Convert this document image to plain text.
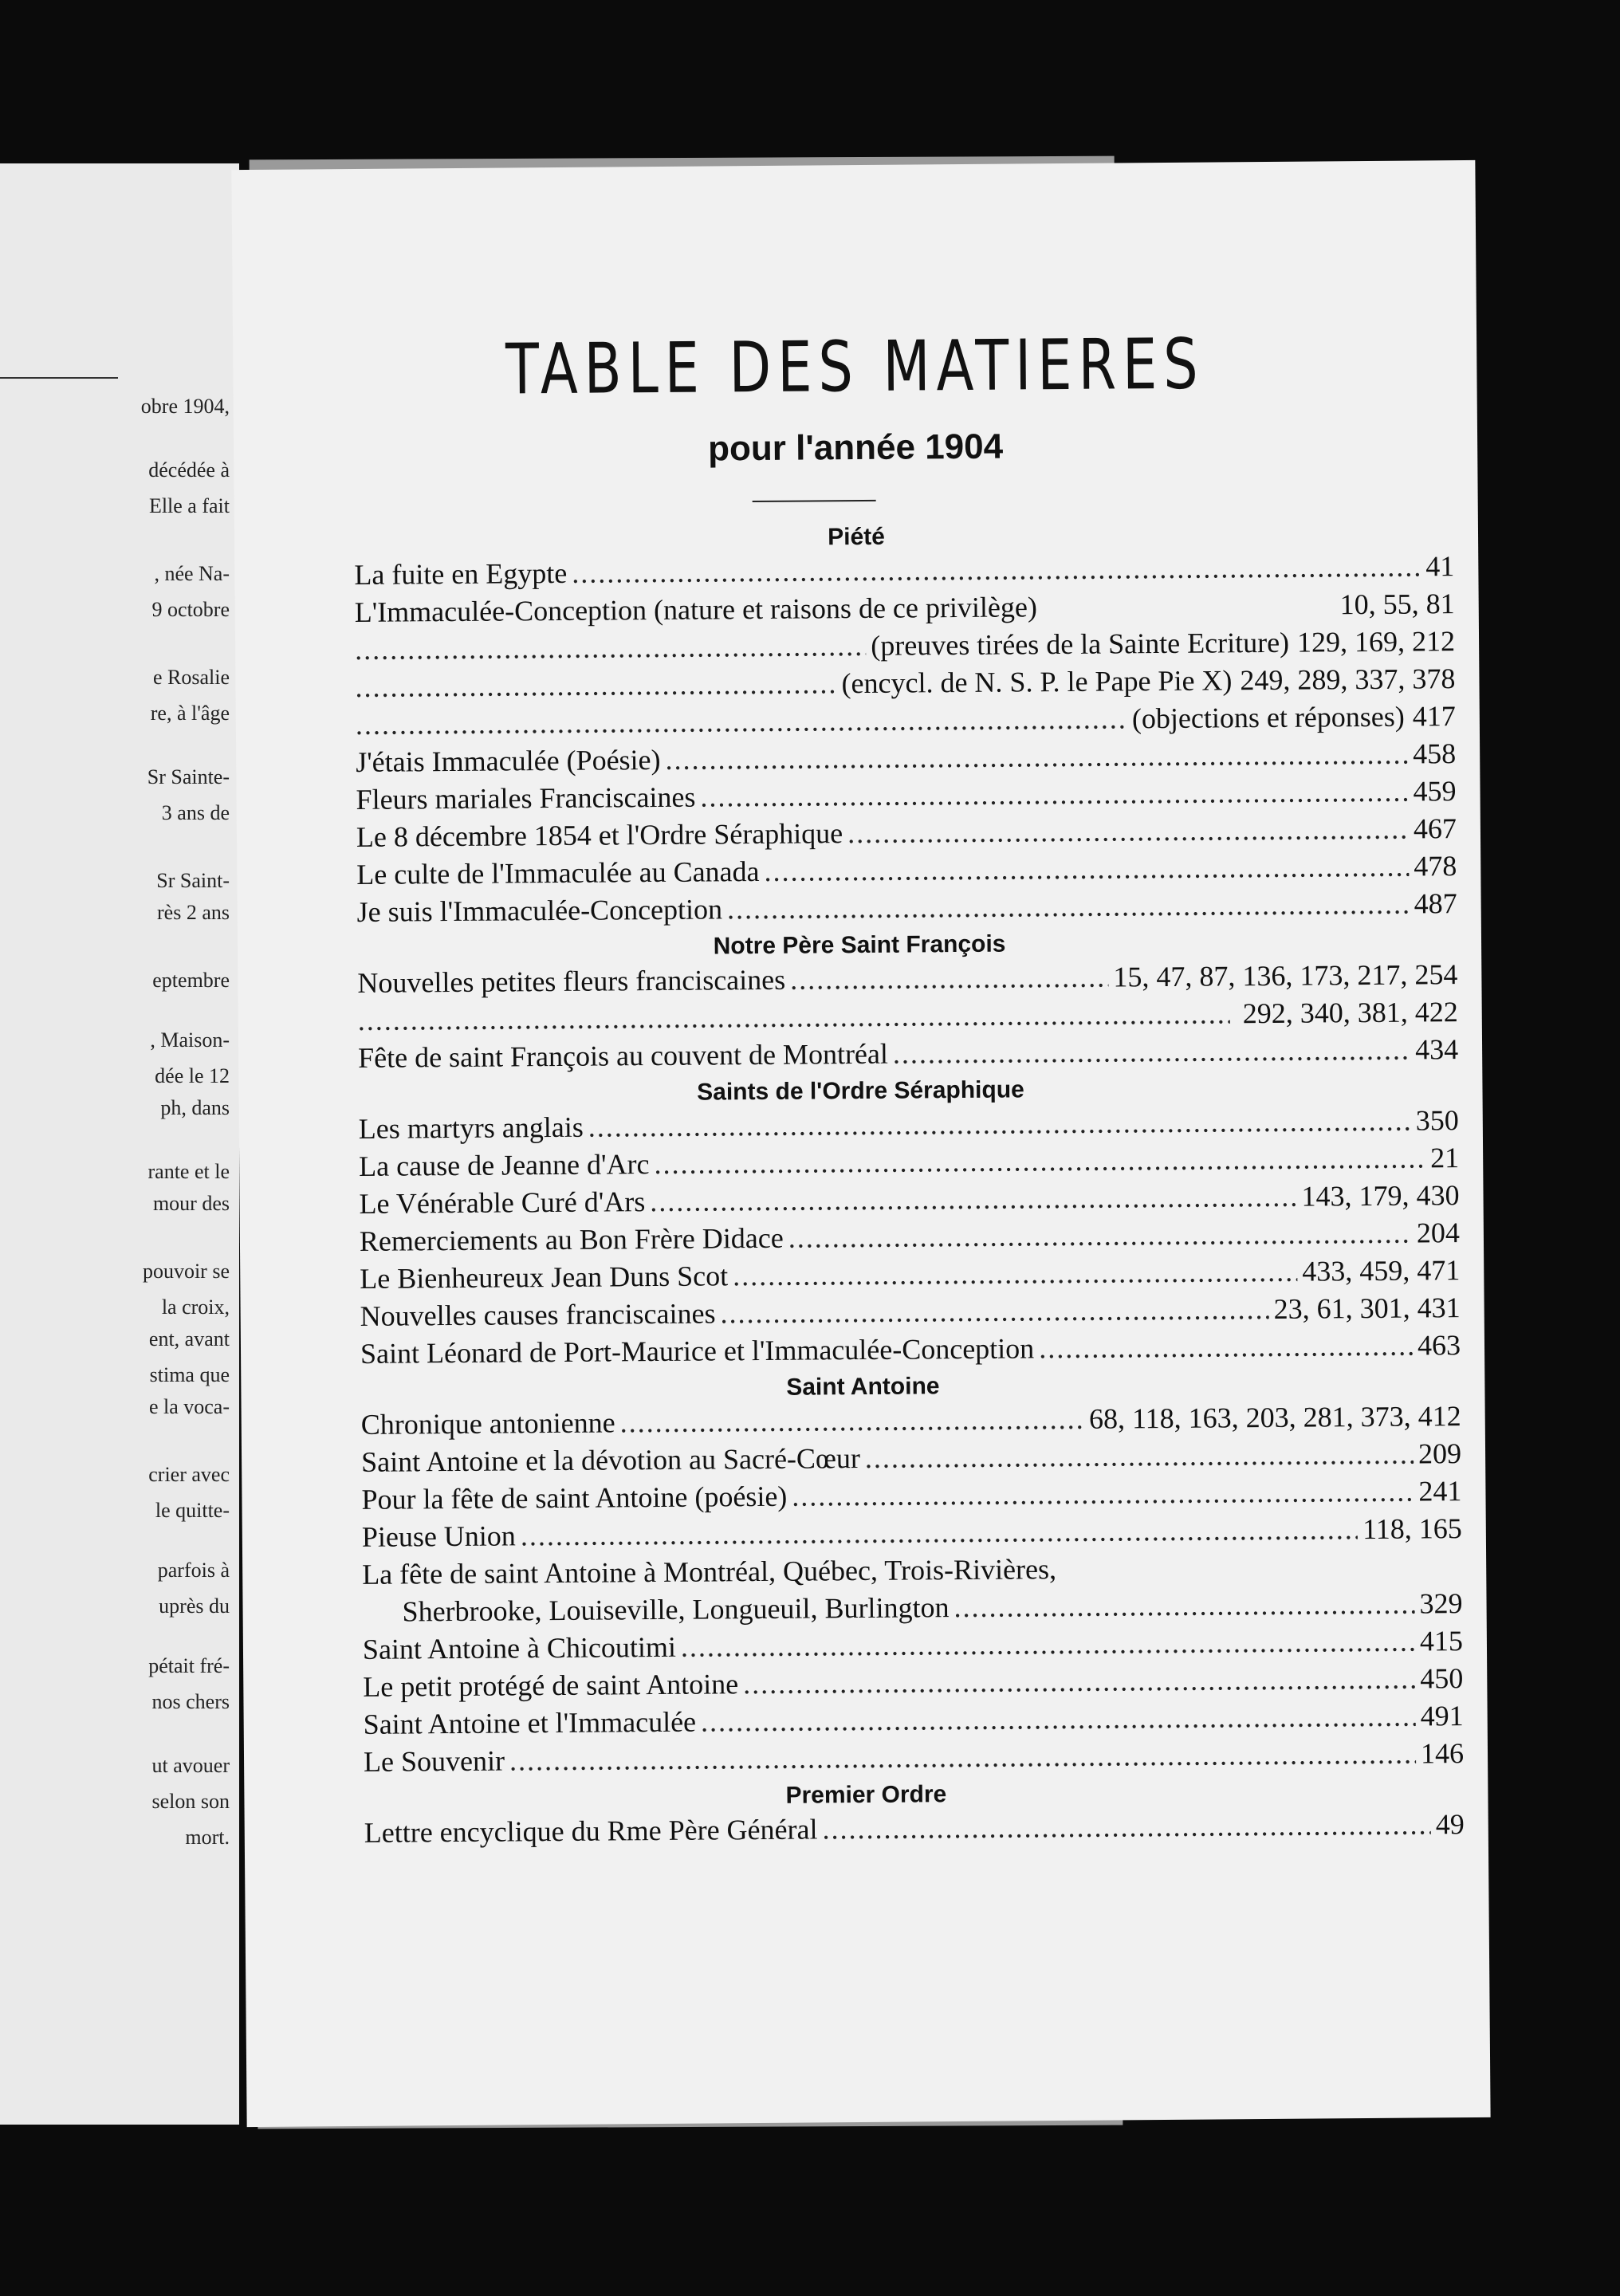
obre 1904,
décédée à
Elle a fait
, née Na-
9 octobre
e Rosalie
re, à l'âge
Sr Sainte-
3 ans de
Sr Saint-
rès 2 ans
eptembre
, Maison-
dée le 12
ph, dans
rante et le
mour des
pouvoir se
la croix,
ent, avant
stima que
e la voca-
crier avec
le quitte-
parfois à
uprès du
pétait fré-
nos chers
ut avouer
selon son
mort.
TABLE DES MATIERES
pour l'année 1904
Piété
La fuite en Egypte .....	41
L'Immaculée-Conception (nature et raisons de ce privilège)	10, 55, 81
.....
(preuves tirées de la Sainte Ecriture) 129, 169, 212
.....
(encycl. de N. S. P. le Pape Pie X) 249, 289, 337, 378
.....
(objections et réponses) 417
J'étais Immaculée (Poésie) .....	458
Fleurs mariales Franciscaines .....	459
Le 8 décembre 1854 et l'Ordre Séraphique .....	467
Le culte de l'Immaculée au Canada .....	478
Je suis l'Immaculée-Conception .....	487
Notre Père Saint François
Nouvelles petites fleurs franciscaines .....	15, 47, 87, 136, 173, 217, 254
.....
292, 340, 381, 422
Fête de saint François au couvent de Montréal .....	434
Saints de l'Ordre Séraphique
Les martyrs anglais .....	350
La cause de Jeanne d'Arc .....	21
Le Vénérable Curé d'Ars .....	143, 179, 430
Remerciements au Bon Frère Didace .....	204
Le Bienheureux Jean Duns Scot .....	433, 459, 471
Nouvelles causes franciscaines .....	23, 61, 301, 431
Saint Léonard de Port-Maurice et l'Immaculée-Conception .....	463
Saint Antoine
Chronique antonienne .....	68, 118, 163, 203, 281, 373, 412
Saint Antoine et la dévotion au Sacré-Cœur .....	209
Pour la fête de saint Antoine (poésie) .....	241
Pieuse Union .....	118, 165
La fête de saint Antoine à Montréal, Québec, Trois-Rivières,
Sherbrooke, Louiseville, Longueuil, Burlington .....	329
Saint Antoine à Chicoutimi .....	415
Le petit protégé de saint Antoine .....	450
Saint Antoine et l'Immaculée .....	491
Le Souvenir .....	146
Premier Ordre
Lettre encyclique du Rme Père Général .....	49
